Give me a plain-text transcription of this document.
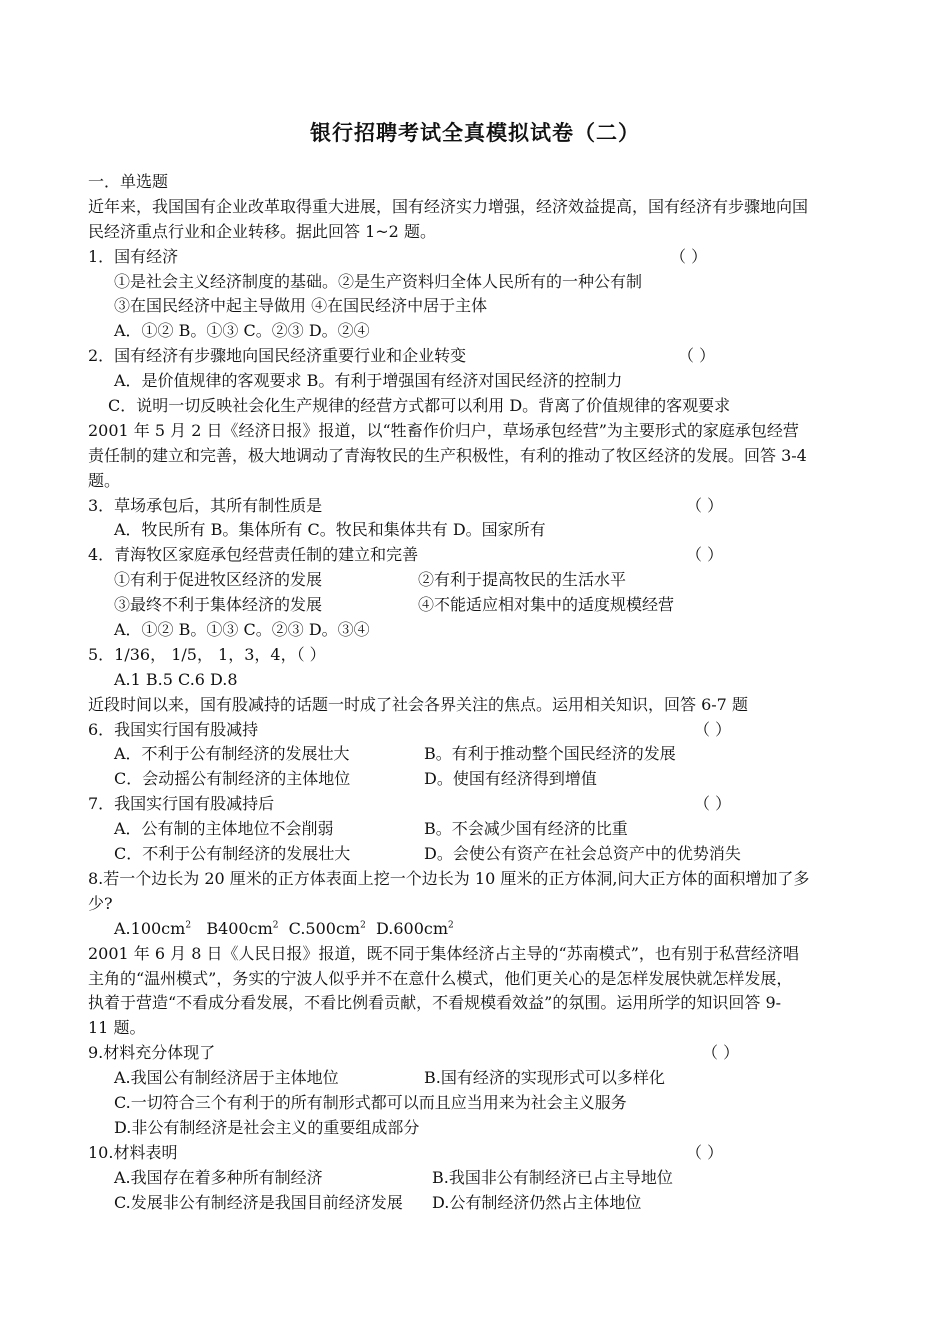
银行招聘考试全真模拟试卷（二）
一．单选题
近年来，我国国有企业改革取得重大进展，国有经济实力增强，经济效益提高，国有经济有步骤地向国
民经济重点行业和企业转移。据此回答 1~2 题。
1．国有经济	（ ）
①是社会主义经济制度的基础。②是生产资料归全体人民所有的一种公有制
③在国民经济中起主导做用 ④在国民经济中居于主体
A．①② B。①③ C。②③ D。②④
2．国有经济有步骤地向国民经济重要行业和企业转变	（ ）
A．是价值规律的客观要求 B。有利于增强国有经济对国民经济的控制力
C．说明一切反映社会化生产规律的经营方式都可以利用 D。背离了价值规律的客观要求
2001 年 5 月 2 日《经济日报》报道，以“牲畜作价归户，草场承包经营”为主要形式的家庭承包经营
责任制的建立和完善，极大地调动了青海牧民的生产积极性，有利的推动了牧区经济的发展。回答 3-4
题。
3．草场承包后，其所有制性质是	（ ）
A．牧民所有 B。集体所有 C。牧民和集体共有 D。国家所有
4．青海牧区家庭承包经营责任制的建立和完善	（ ）
①有利于促进牧区经济的发展	②有利于提高牧民的生活水平
③最终不利于集体经济的发展	④不能适应相对集中的适度规模经营
A．①② B。①③ C。②③ D。③④
5．1/36， 1/5， 1，3，4，（ ）
A.1 B.5 C.6 D.8
近段时间以来，国有股减持的话题一时成了社会各界关注的焦点。运用相关知识，回答 6-7 题
6．我国实行国有股减持	（ ）
A．不利于公有制经济的发展壮大	B。有利于推动整个国民经济的发展
C．会动摇公有制经济的主体地位	D。使国有经济得到增值
7．我国实行国有股减持后	（ ）
A．公有制的主体地位不会削弱	B。不会减少国有经济的比重
C．不利于公有制经济的发展壮大	D。会使公有资产在社会总资产中的优势消失
8.若一个边长为 20 厘米的正方体表面上挖一个边长为 10 厘米的正方体洞,问大正方体的面积增加了多
少?
$A.100cm^2$ $B400cm^2$ $C.500cm^2$ $D.600cm^2$
2001 年 6 月 8 日《人民日报》报道，既不同于集体经济占主导的“苏南模式”，也有别于私营经济唱
主角的“温州模式”，务实的宁波人似乎并不在意什么模式，他们更关心的是怎样发展快就怎样发展，
执着于营造“不看成分看发展，不看比例看贡献，不看规模看效益”的氛围。运用所学的知识回答 9-
11 题。
9.材料充分体现了	（ ）
A.我国公有制经济居于主体地位	B.国有经济的实现形式可以多样化
C.一切符合三个有利于的所有制形式都可以而且应当用来为社会主义服务
D.非公有制经济是社会主义的重要组成部分
10.材料表明	（ ）
A.我国存在着多种所有制经济	B.我国非公有制经济已占主导地位
C.发展非公有制经济是我国目前经济发展 D.公有制经济仍然占主体地位
